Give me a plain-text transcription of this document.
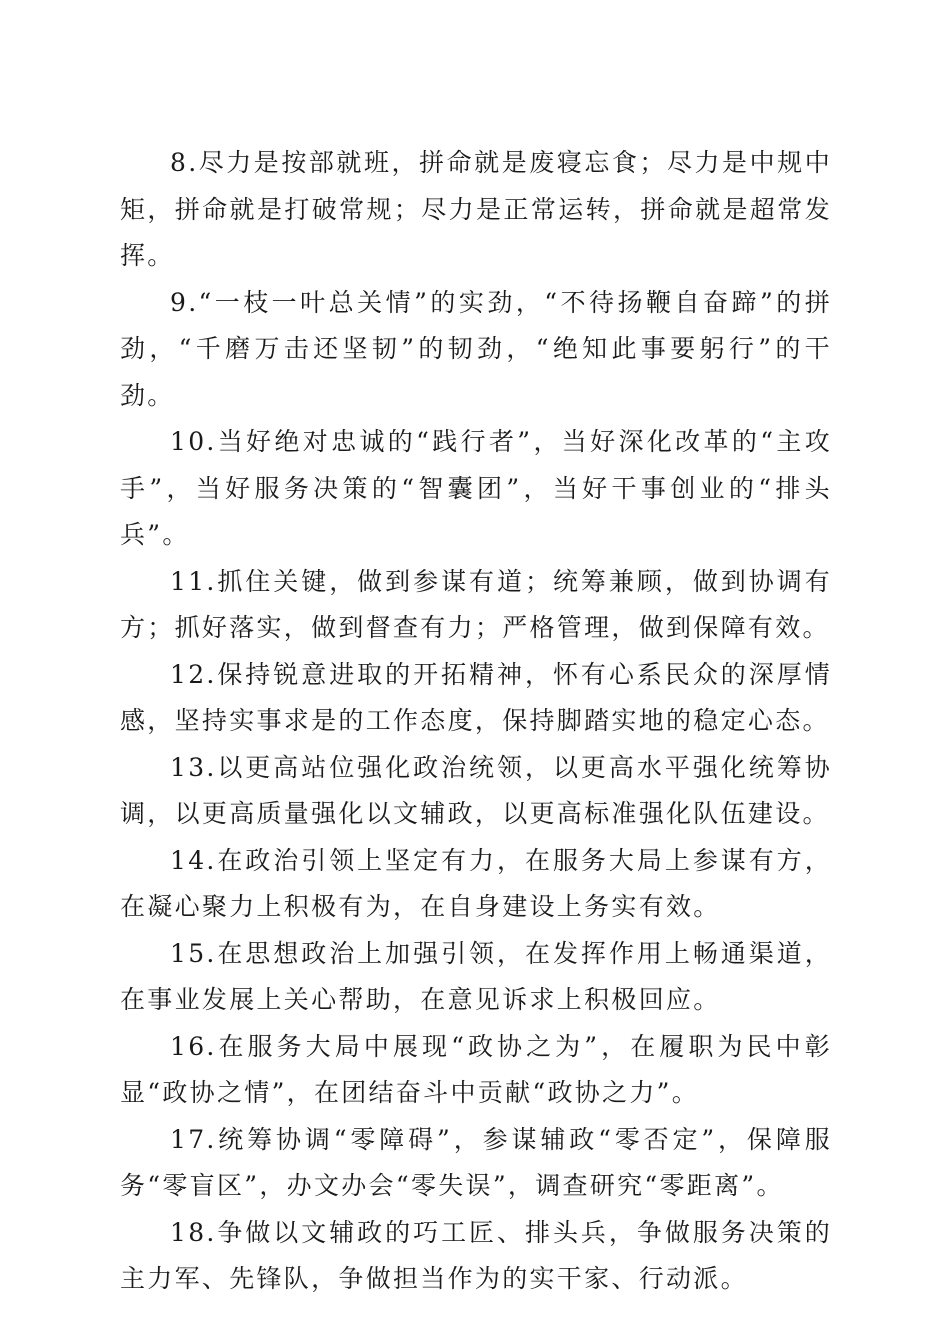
8.尽力是按部就班，拼命就是废寝忘食；尽力是中规中矩，拼命就是打破常规；尽力是正常运转，拼命就是超常发挥。

9.“一枝一叶总关情”的实劲，“不待扬鞭自奋蹄”的拼劲，“千磨万击还坚韧”的韧劲，“绝知此事要躬行”的干劲。

10.当好绝对忠诚的“践行者”，当好深化改革的“主攻手”，当好服务决策的“智囊团”，当好干事创业的“排头兵”。

11.抓住关键，做到参谋有道；统筹兼顾，做到协调有方；抓好落实，做到督查有力；严格管理，做到保障有效。

12.保持锐意进取的开拓精神，怀有心系民众的深厚情感，坚持实事求是的工作态度，保持脚踏实地的稳定心态。

13.以更高站位强化政治统领，以更高水平强化统筹协调，以更高质量强化以文辅政，以更高标准强化队伍建设。

14.在政治引领上坚定有力，在服务大局上参谋有方，在凝心聚力上积极有为，在自身建设上务实有效。

15.在思想政治上加强引领，在发挥作用上畅通渠道，在事业发展上关心帮助，在意见诉求上积极回应。

16.在服务大局中展现“政协之为”，在履职为民中彰显“政协之情”，在团结奋斗中贡献“政协之力”。

17.统筹协调“零障碍”，参谋辅政“零否定”，保障服务“零盲区”，办文办会“零失误”，调查研究“零距离”。

18.争做以文辅政的巧工匠、排头兵，争做服务决策的主力军、先锋队，争做担当作为的实干家、行动派。
